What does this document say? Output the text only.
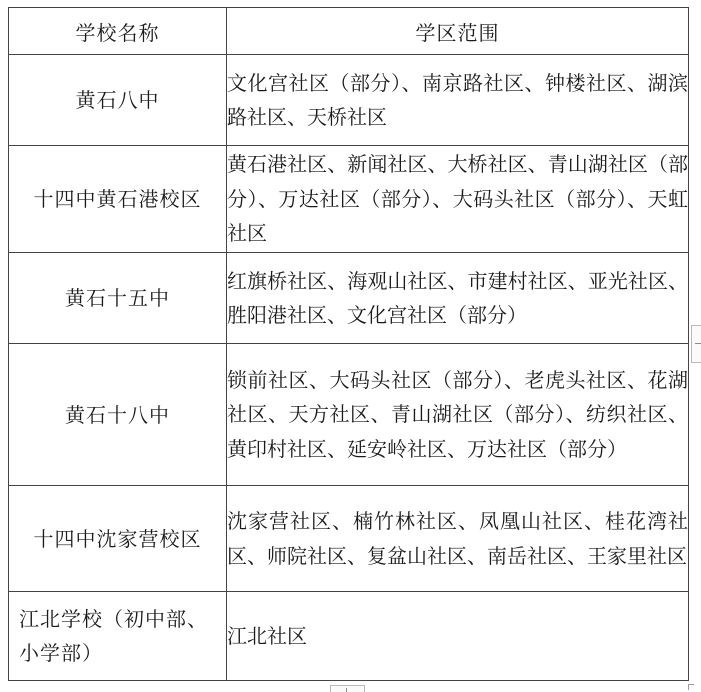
学校名称	学区范围
黄石八中	文化宫社区（部分）、南京路社区、钟楼社区、湖滨路社区、天桥社区
十四中黄石港校区	黄石港社区、新闻社区、大桥社区、青山湖社区（部分）、万达社区（部分）、大码头社区（部分）、天虹社区
黄石十五中	红旗桥社区、海观山社区、市建村社区、亚光社区、胜阳港社区、文化宫社区（部分）
黄石十八中	锁前社区、大码头社区（部分）、老虎头社区、花湖社区、天方社区、青山湖社区（部分）、纺织社区、黄印村社区、延安岭社区、万达社区（部分）
十四中沈家营校区	沈家营社区、楠竹林社区、凤凰山社区、桂花湾社区、师院社区、复盆山社区、南岳社区、王家里社区
江北学校（初中部、小学部）	江北社区
